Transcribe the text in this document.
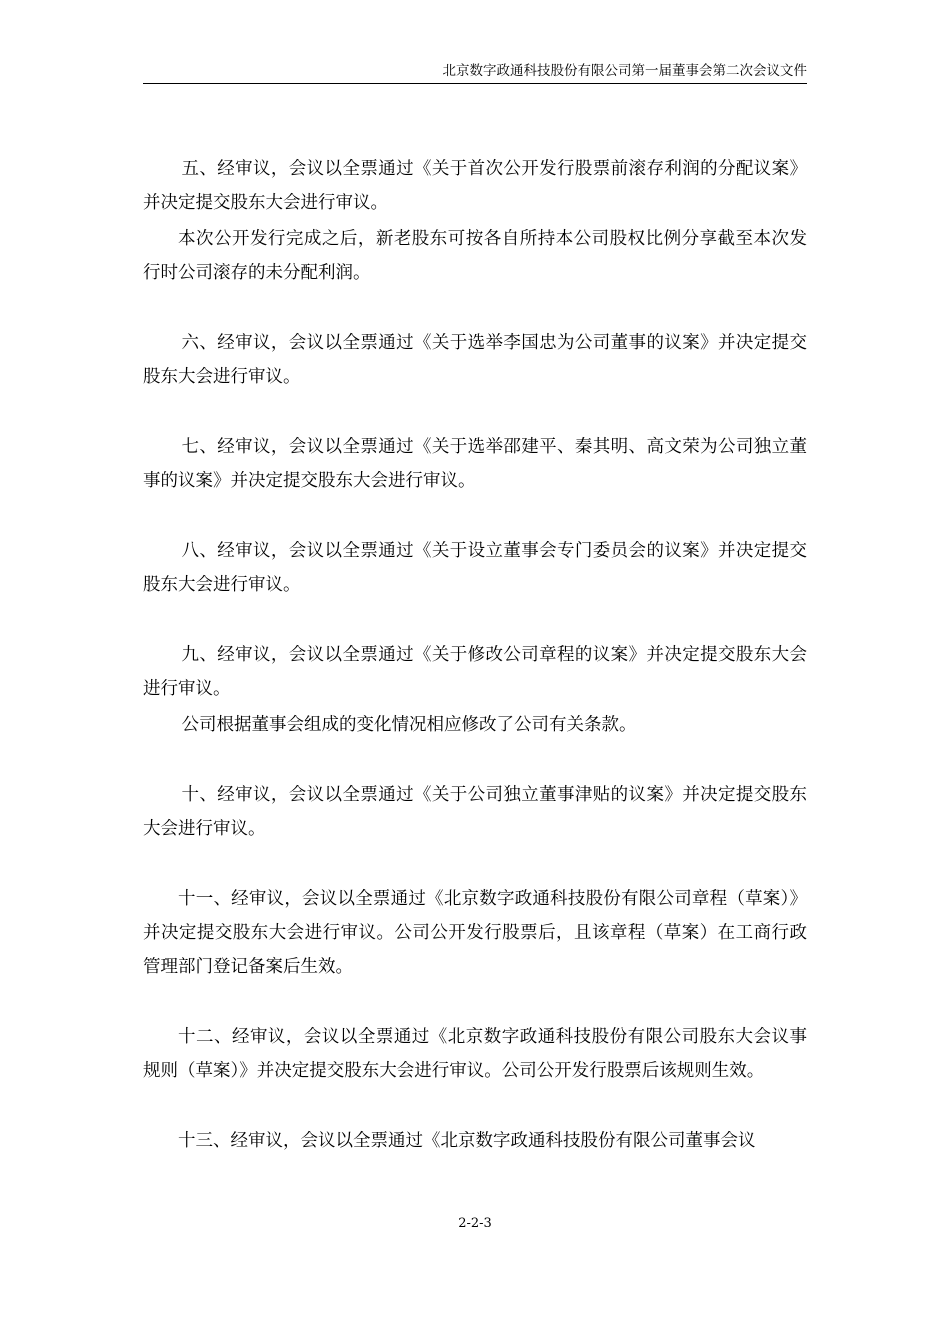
北京数字政通科技股份有限公司第一届董事会第二次会议文件

五、经审议，会议以全票通过《关于首次公开发行股票前滚存利润的分配议案》并决定提交股东大会进行审议。

本次公开发行完成之后，新老股东可按各自所持本公司股权比例分享截至本次发行时公司滚存的未分配利润。

六、经审议，会议以全票通过《关于选举李国忠为公司董事的议案》并决定提交股东大会进行审议。

七、经审议，会议以全票通过《关于选举邵建平、秦其明、高文荣为公司独立董事的议案》并决定提交股东大会进行审议。

八、经审议，会议以全票通过《关于设立董事会专门委员会的议案》并决定提交股东大会进行审议。

九、经审议，会议以全票通过《关于修改公司章程的议案》并决定提交股东大会进行审议。

公司根据董事会组成的变化情况相应修改了公司有关条款。

十、经审议，会议以全票通过《关于公司独立董事津贴的议案》并决定提交股东大会进行审议。

十一、经审议，会议以全票通过《北京数字政通科技股份有限公司章程（草案）》并决定提交股东大会进行审议。公司公开发行股票后，且该章程（草案）在工商行政管理部门登记备案后生效。

十二、经审议，会议以全票通过《北京数字政通科技股份有限公司股东大会议事规则（草案）》并决定提交股东大会进行审议。公司公开发行股票后该规则生效。

十三、经审议，会议以全票通过《北京数字政通科技股份有限公司董事会议

2-2-3
